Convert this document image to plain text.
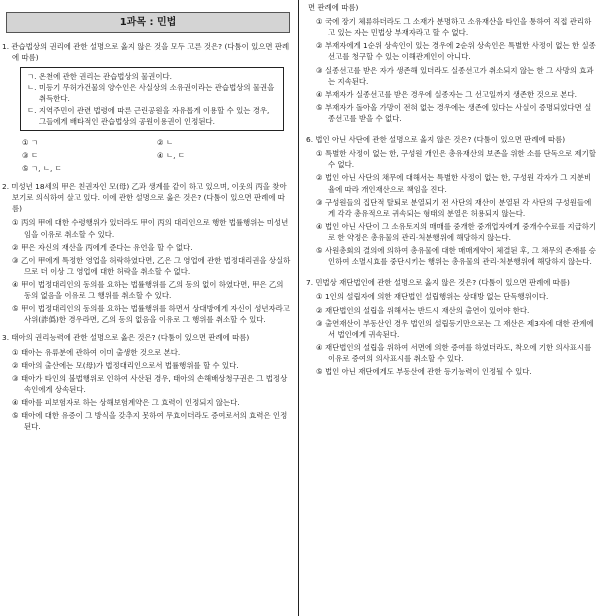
1과목 : 민법

1. 관습법상의 권리에 관한 설명으로 옳지 않은 것을 모두 고른 것은? (다툼이 있으면 판례에 따름)

ㄱ. 온천에 관한 권리는 관습법상의 물권이다.
ㄴ. 미등기 무허가건물의 양수인은 사실상의 소유권이라는 관습법상의 물권을 취득한다.
ㄷ. 지역주민이 관련 법령에 따른 근린공원을 자유롭게 이용할 수 있는 경우, 그들에게 배타적인 관습법상의 공원이용권이 인정된다.
① ㄱ	② ㄴ
③ ㄷ	④ ㄴ, ㄷ
⑤ ㄱ, ㄴ, ㄷ

2. 미성년 18세의 甲은 친권자인 모(母) 乙과 생계를 같이 하고 있으며, 이웃의 丙을 찾아보기로 의식하여 살고 있다. 이에 관한 설명으로 옳은 것은? (다툼이 있으면 판례에 따름)

① 丙의 甲에 대한 수령행위가 있더라도 甲이 丙의 대리인으로 행한 법률행위는 미성년임을 이유로 취소할 수 있다.
② 甲은 자신의 재산을 丙에게 준다는 유언을 할 수 없다.
③ 乙이 甲에게 특정한 영업을 허락하였다면, 乙은 그 영업에 관한 법정대리권을 상실하므로 더 이상 그 영업에 대한 허락을 취소할 수 없다.
④ 甲이 법정대리인의 동의를 요하는 법률행위를 乙의 동의 없이 하였다면, 甲은 乙의 동의 없음을 이유로 그 행위를 취소할 수 있다.
⑤ 甲이 법정대리인의 동의를 요하는 법률행위를 하면서 상대방에게 자신이 성년자라고 사위(詐僞)한 경우라면, 乙의 동의 없음을 이유로 그 행위를 취소할 수 있다.

3. 태아의 권리능력에 관한 설명으로 옳은 것은? (다툼이 있으면 판례에 따름)

① 태아는 유류분에 관하여 이미 출생한 것으로 본다.
② 태아의 출산에는 모(母)가 법정대리인으로서 법률행위를 할 수 있다.
③ 태아가 타인의 불법행위로 인하여 사산된 경우, 태아의 손해배상청구권은 그 법정상속인에게 상속된다.
④ 태아를 피보험자로 하는 상해보험계약은 그 효력이 인정되지 않는다.
⑤ 태아에 대한 유증이 그 방식을 갖추지 못하여 무효이더라도 증여로서의 효력은 인정된다.

면 판례에 따름)

① 국에 장기 체류하더라도 그 소재가 분명하고 소유재산을 타인을 통하여 직접 관리하고 있는 자는 민법상 부재자라고 할 수 없다.
② 부재자에게 1순위 상속인이 있는 경우에 2순위 상속인은 특별한 사정이 없는 한 실종선고를 청구할 수 있는 이해관계인이 아니다.
③ 실종선고를 받은 자가 생존해 있더라도 실종선고가 취소되지 않는 한 그 사망의 효과는 지속된다.
④ 부재자가 실종선고를 받은 경우에 실종자는 그 선고일까지 생존한 것으로 본다.
⑤ 부재자가 돌아올 가망이 전혀 없는 경우에는 생존에 있다는 사실이 증명되었다면 실종선고를 받을 수 없다.

6. 법인 아닌 사단에 관한 설명으로 옳지 않은 것은? (다툼이 있으면 판례에 따름)

① 특별한 사정이 없는 한, 구성원 개인은 총유재산의 보존을 위한 소를 단독으로 제기할 수 없다.
② 법인 아닌 사단의 채무에 대해서는 특별한 사정이 없는 한, 구성원 각자가 그 지분비율에 따라 개인재산으로 책임을 진다.
③ 구성원들의 집단적 탈퇴로 분열되기 전 사단의 재산이 분열된 각 사단의 구성원들에게 각각 총유적으로 귀속되는 형태의 분열은 허용되지 않는다.
④ 법인 아닌 사단이 그 소유토지의 매매를 중개한 중개업자에게 중개수수료를 지급하기로 한 약정은 총유물의 관리·처분행위에 해당하지 않는다.
⑤ 사원총회의 결의에 의하여 총유물에 대한 매매계약이 체결된 후, 그 채무의 존재를 승인하여 소멸시효를 중단시키는 행위는 총유물의 관리·처분행위에 해당하지 않는다.

7. 민법상 재단법인에 관한 설명으로 옳지 않은 것은? (다툼이 있으면 판례에 따름)

① 1인의 설립자에 의한 재단법인 설립행위는 상대방 없는 단독행위이다.
② 재단법인의 설립을 위해서는 반드시 재산의 출연이 있어야 한다.
③ 출연재산이 부동산인 경우 법인의 설립등기만으로는 그 재산은 제3자에 대한 관계에서 법인에게 귀속된다.
④ 재단법인의 설립을 위하여 서면에 의한 증여를 하였더라도, 착오에 기한 의사표시를 이유로 증여의 의사표시를 취소할 수 있다.
⑤ 법인 아닌 재단에게도 부동산에 관한 등기능력이 인정될 수 있다.
